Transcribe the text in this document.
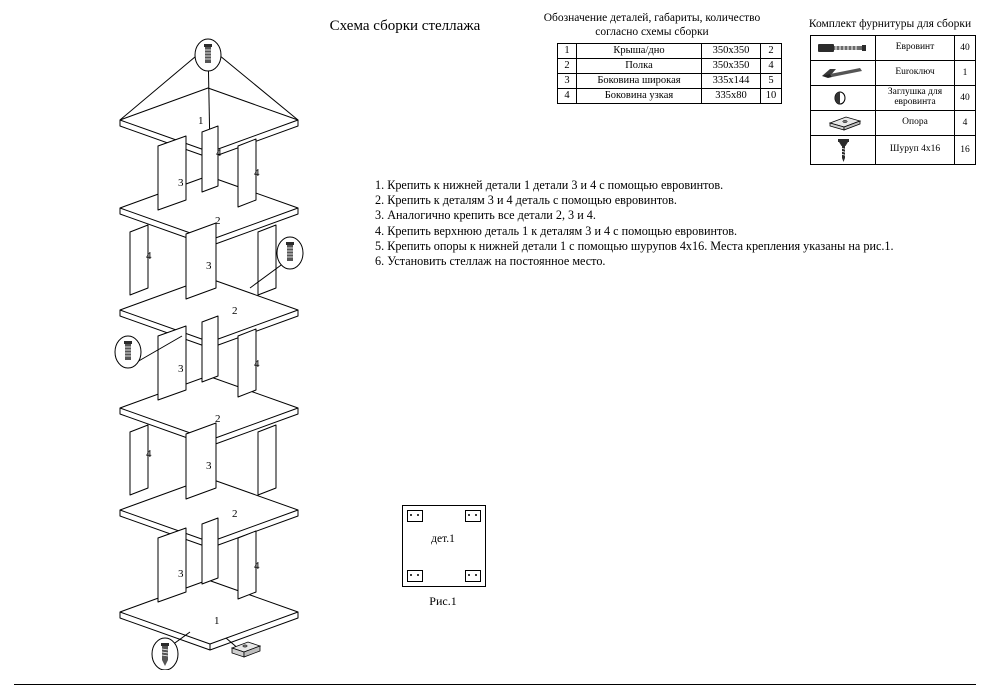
Схема сборки стеллажа	Обозначение деталей, габариты, количество
согласно схемы сборки
1	Крыша/дно	350х350	2
2	Полка	350х350	4
3	Боковина широкая	335х144	5
4	Боковина узкая	335х80	10
Комплект фурнитуры для сборки
	Евровинт	40

	Euroключ	1

	Заглушка для евровинта	40

	Опора	4

	Шуруп 4х16	16
1. Крепить к нижней детали 1 детали 3 и 4 с помощью евровинтов.
2. Крепить к деталям 3 и 4 деталь с помощью евровинтов.
3. Аналогично крепить все детали 2, 3 и 4.
4. Крепить верхнюю деталь 1 к деталям 3 и 4 с помощью евровинтов.
5. Крепить опоры к нижней детали 1 с помощью шурупов 4х16. Места крепления указаны на рис.1.
6. Установить стеллаж на постоянное место.
дет.1
Рис.1
1
4
3
4
2
4
3
2
3	4
2
4
3
2
3
4
1
